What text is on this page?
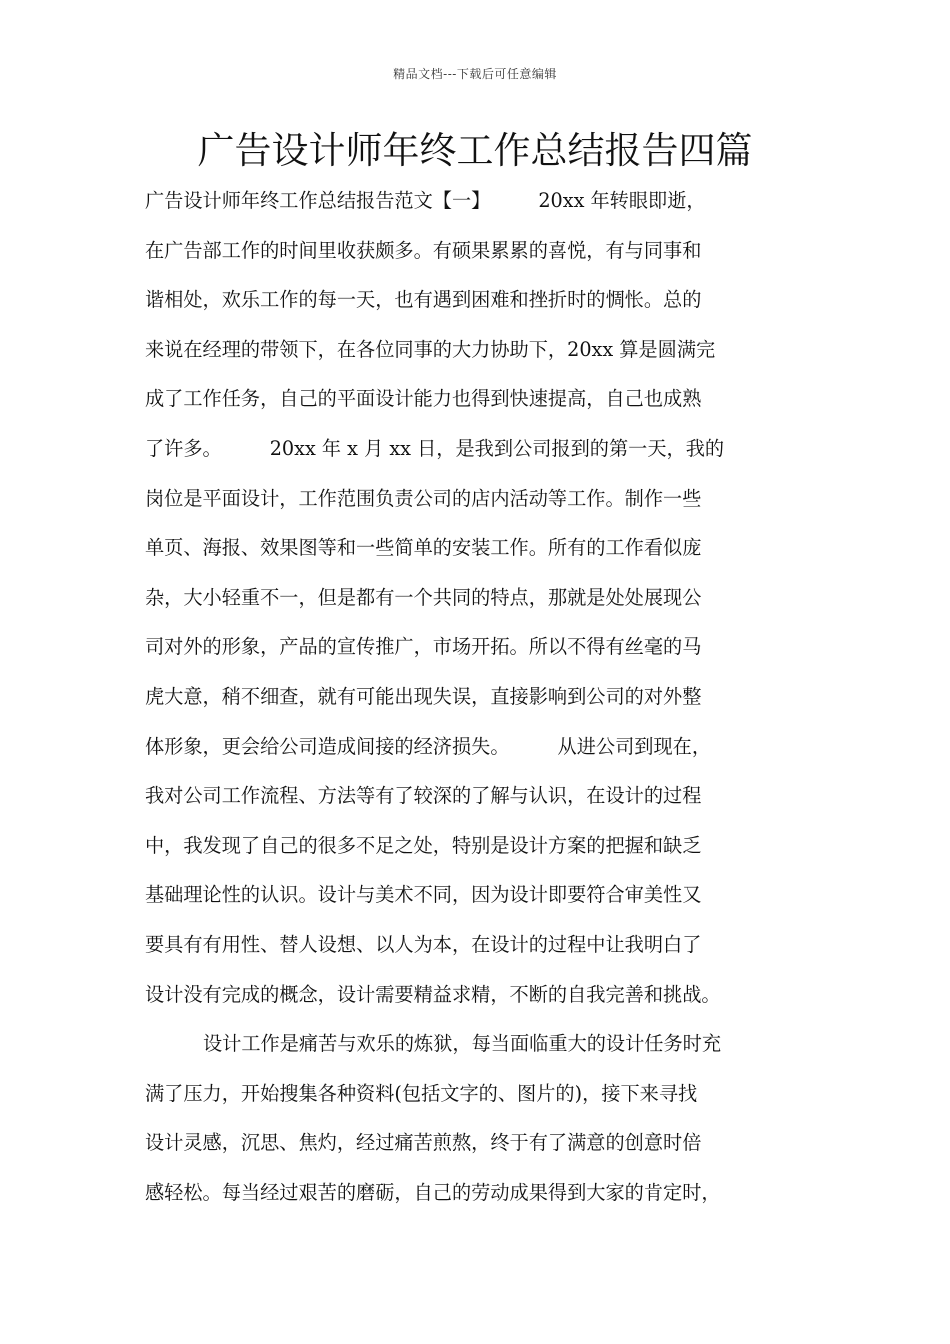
精品文档---下载后可任意编辑
广告设计师年终工作总结报告四篇
广告设计师年终工作总结报告范文【一】　　　20xx 年转眼即逝，
在广告部工作的时间里收获颇多。有硕果累累的喜悦，有与同事和
谐相处，欢乐工作的每一天，也有遇到困难和挫折时的惆怅。总的
来说在经理的带领下，在各位同事的大力协助下，20xx 算是圆满完
成了工作任务，自己的平面设计能力也得到快速提高，自己也成熟
了许多。　　　20xx 年 x 月 xx 日，是我到公司报到的第一天，我的
岗位是平面设计，工作范围负责公司的店内活动等工作。制作一些
单页、海报、效果图等和一些简单的安装工作。所有的工作看似庞
杂，大小轻重不一，但是都有一个共同的特点，那就是处处展现公
司对外的形象，产品的宣传推广，市场开拓。所以不得有丝毫的马
虎大意，稍不细查，就有可能出现失误，直接影响到公司的对外整
体形象，更会给公司造成间接的经济损失。　　　从进公司到现在，
我对公司工作流程、方法等有了较深的了解与认识，在设计的过程
中，我发现了自己的很多不足之处，特别是设计方案的把握和缺乏
基础理论性的认识。设计与美术不同，因为设计即要符合审美性又
要具有有用性、替人设想、以人为本，在设计的过程中让我明白了
设计没有完成的概念，设计需要精益求精，不断的自我完善和挑战。
设计工作是痛苦与欢乐的炼狱，每当面临重大的设计任务时充
满了压力，开始搜集各种资料(包括文字的、图片的)，接下来寻找
设计灵感，沉思、焦灼，经过痛苦煎熬，终于有了满意的创意时倍
感轻松。每当经过艰苦的磨砺，自己的劳动成果得到大家的肯定时，
